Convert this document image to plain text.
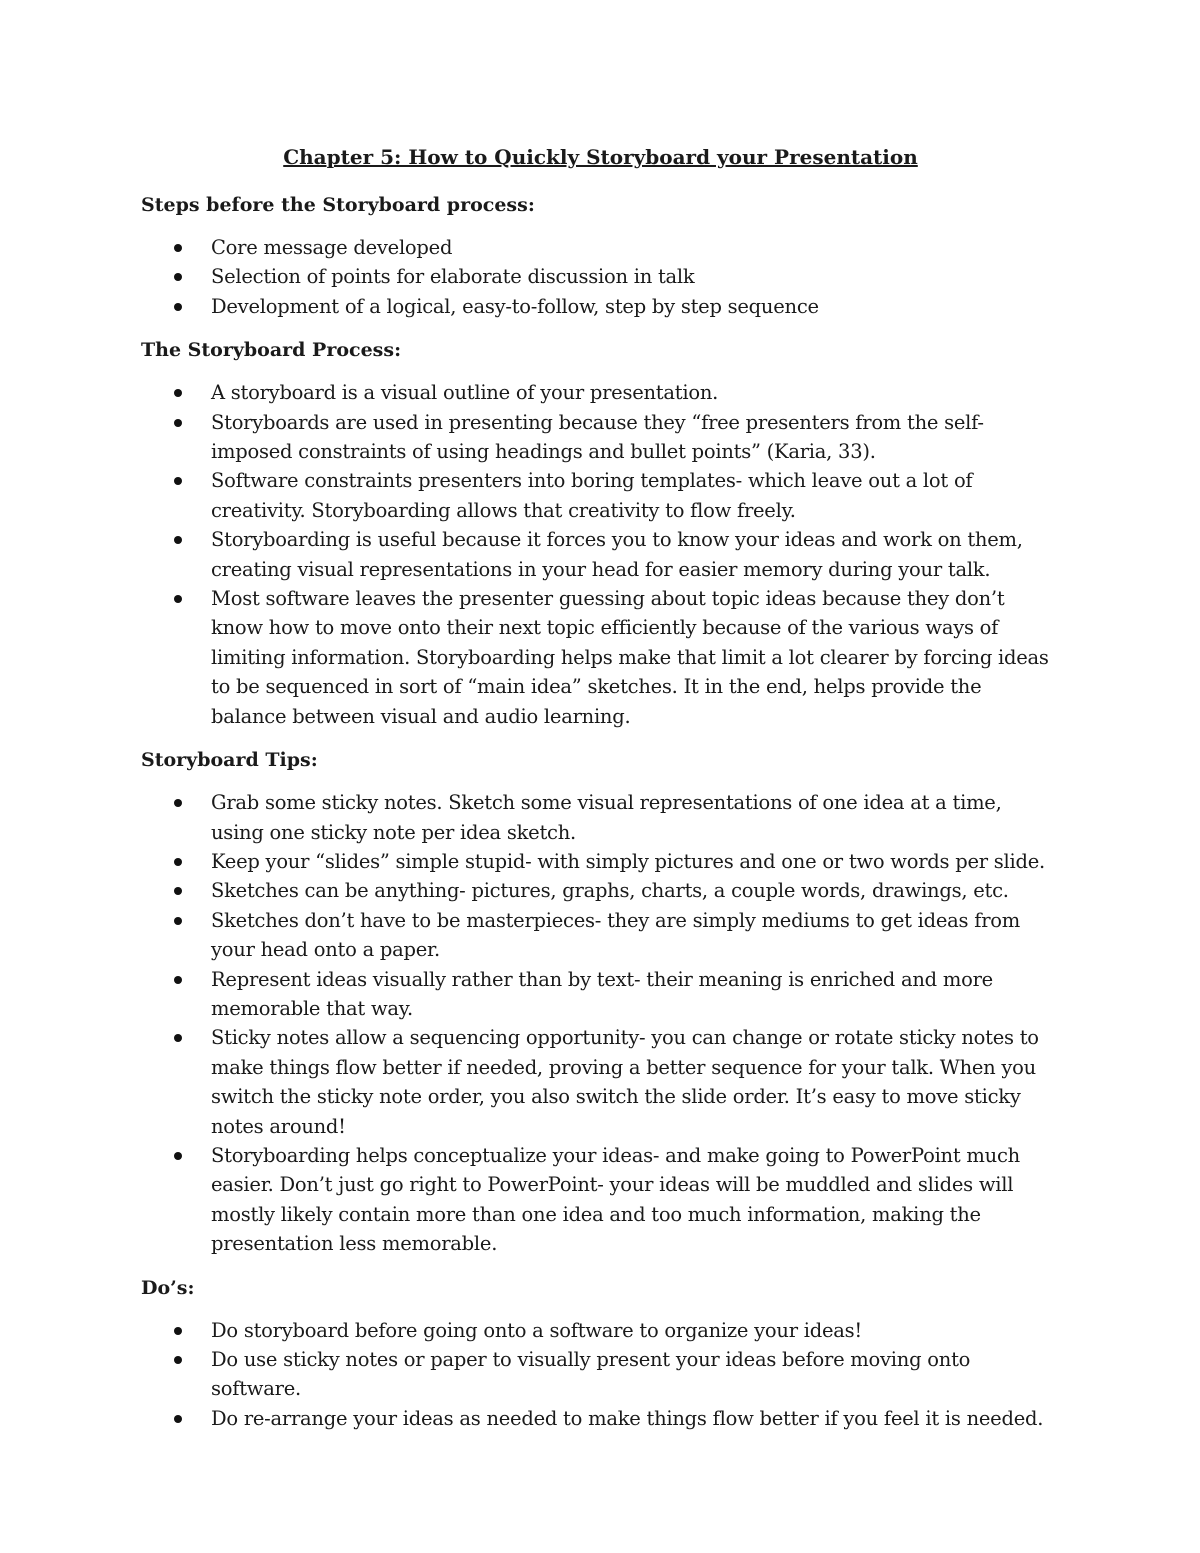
Chapter 5: How to Quickly Storyboard your Presentation
Steps before the Storyboard process:
Core message developed
Selection of points for elaborate discussion in talk
Development of a logical, easy-to-follow, step by step sequence
The Storyboard Process:
A storyboard is a visual outline of your presentation.
Storyboards are used in presenting because they “free presenters from the self-imposed constraints of using headings and bullet points” (Karia, 33).
Software constraints presenters into boring templates- which leave out a lot of creativity. Storyboarding allows that creativity to flow freely.
Storyboarding is useful because it forces you to know your ideas and work on them, creating visual representations in your head for easier memory during your talk.
Most software leaves the presenter guessing about topic ideas because they don’t know how to move onto their next topic efficiently because of the various ways of limiting information. Storyboarding helps make that limit a lot clearer by forcing ideas to be sequenced in sort of “main idea” sketches. It in the end, helps provide the balance between visual and audio learning.
Storyboard Tips:
Grab some sticky notes. Sketch some visual representations of one idea at a time, using one sticky note per idea sketch.
Keep your “slides” simple stupid- with simply pictures and one or two words per slide.
Sketches can be anything- pictures, graphs, charts, a couple words, drawings, etc.
Sketches don’t have to be masterpieces- they are simply mediums to get ideas from your head onto a paper.
Represent ideas visually rather than by text- their meaning is enriched and more memorable that way.
Sticky notes allow a sequencing opportunity- you can change or rotate sticky notes to make things flow better if needed, proving a better sequence for your talk. When you switch the sticky note order, you also switch the slide order. It’s easy to move sticky notes around!
Storyboarding helps conceptualize your ideas- and make going to PowerPoint much easier. Don’t just go right to PowerPoint- your ideas will be muddled and slides will mostly likely contain more than one idea and too much information, making the presentation less memorable.
Do’s:
Do storyboard before going onto a software to organize your ideas!
Do use sticky notes or paper to visually present your ideas before moving onto software.
Do re-arrange your ideas as needed to make things flow better if you feel it is needed.
